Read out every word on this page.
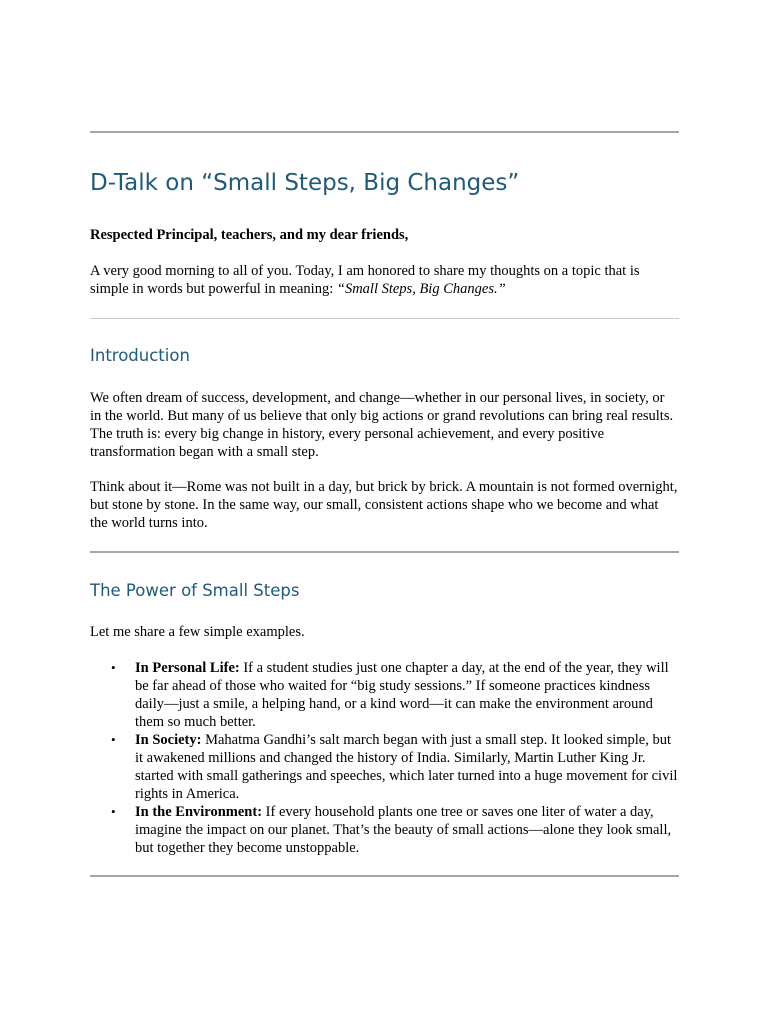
D-Talk on “Small Steps, Big Changes”

Respected Principal, teachers, and my dear friends,

A very good morning to all of you. Today, I am honored to share my thoughts on a topic that is simple in words but powerful in meaning: “Small Steps, Big Changes.”

Introduction

We often dream of success, development, and change—whether in our personal lives, in society, or in the world. But many of us believe that only big actions or grand revolutions can bring real results. The truth is: every big change in history, every personal achievement, and every positive transformation began with a small step.

Think about it—Rome was not built in a day, but brick by brick. A mountain is not formed overnight, but stone by stone. In the same way, our small, consistent actions shape who we become and what the world turns into.

The Power of Small Steps

Let me share a few simple examples.

• In Personal Life: If a student studies just one chapter a day, at the end of the year, they will be far ahead of those who waited for “big study sessions.” If someone practices kindness daily—just a smile, a helping hand, or a kind word—it can make the environment around them so much better.
• In Society: Mahatma Gandhi’s salt march began with just a small step. It looked simple, but it awakened millions and changed the history of India. Similarly, Martin Luther King Jr. started with small gatherings and speeches, which later turned into a huge movement for civil rights in America.
• In the Environment: If every household plants one tree or saves one liter of water a day, imagine the impact on our planet. That’s the beauty of small actions—alone they look small, but together they become unstoppable.
